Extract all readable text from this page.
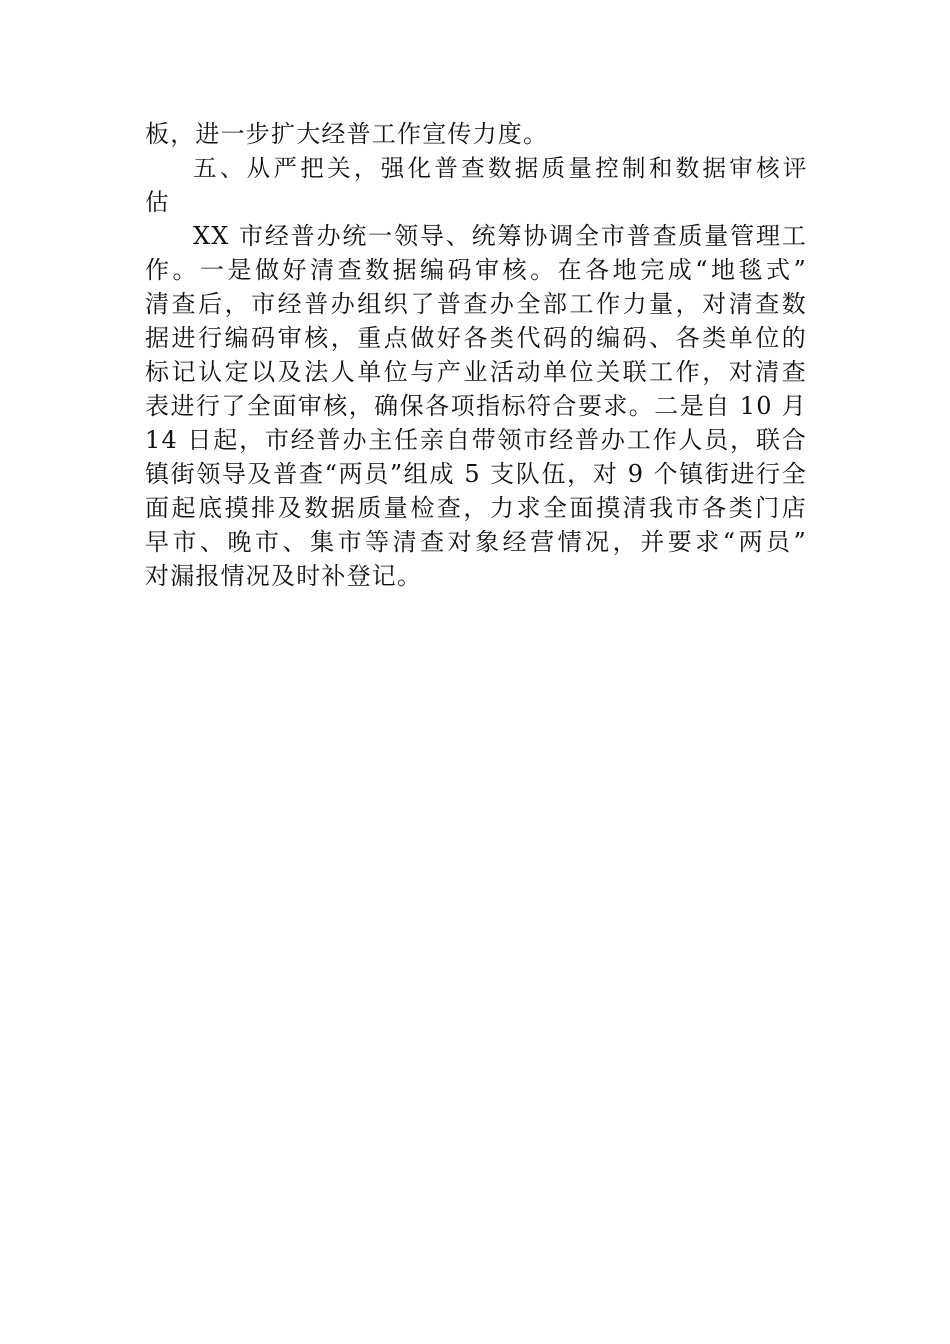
板，进一步扩大经普工作宣传力度。
五、从严把关，强化普查数据质量控制和数据审核评
估
XX 市经普办统一领导、统筹协调全市普查质量管理工
作。一是做好清查数据编码审核。在各地完成“地毯式”
清查后，市经普办组织了普查办全部工作力量，对清查数
据进行编码审核，重点做好各类代码的编码、各类单位的
标记认定以及法人单位与产业活动单位关联工作，对清查
表进行了全面审核，确保各项指标符合要求。二是自 10 月
14 日起，市经普办主任亲自带领市经普办工作人员，联合
镇街领导及普查“两员”组成 5 支队伍，对 9 个镇街进行全
面起底摸排及数据质量检查，力求全面摸清我市各类门店
早市、晚市、集市等清查对象经营情况，并要求“两员”
对漏报情况及时补登记。
